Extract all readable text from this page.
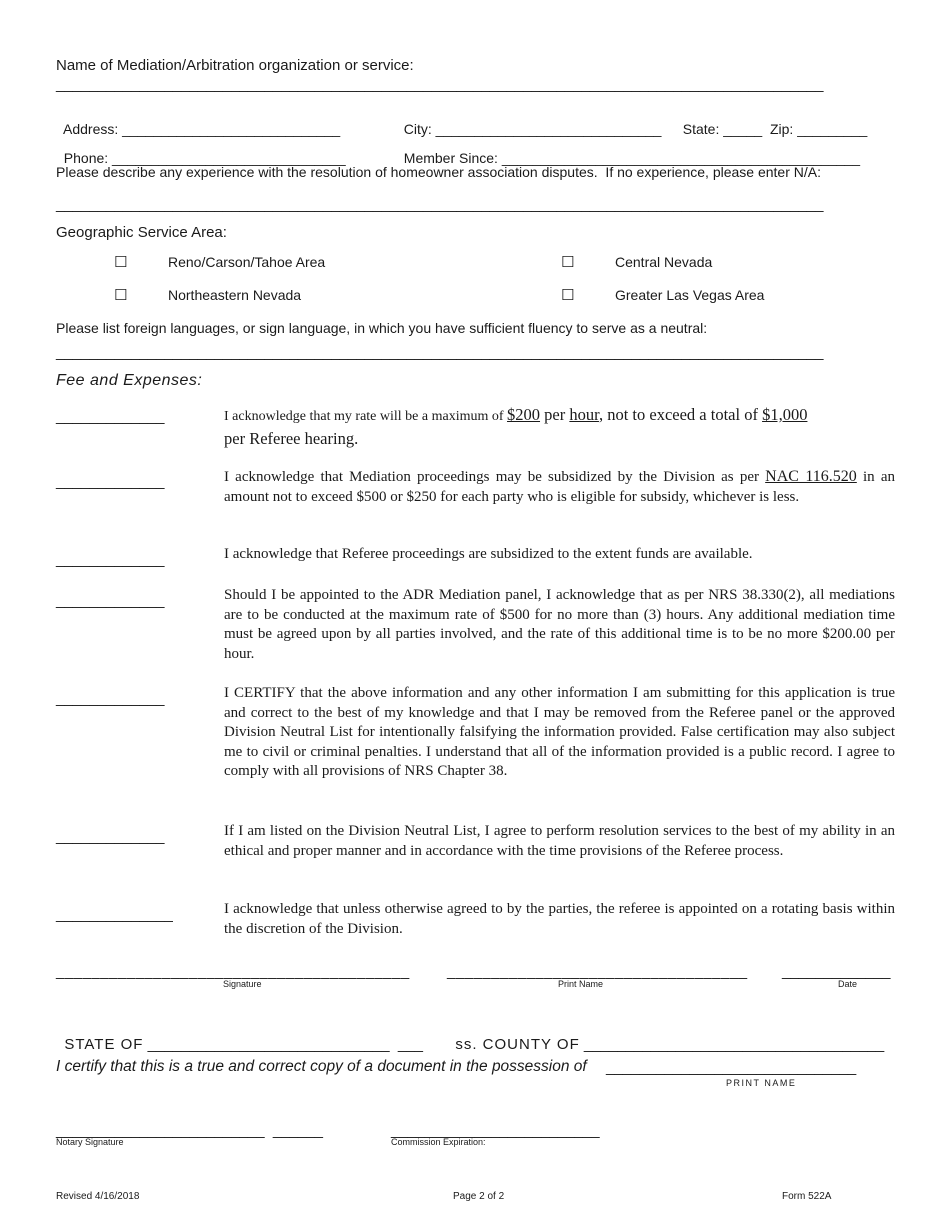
Name of Mediation/Arbitration organization or service:
____________________________________________________________________________________________

Address: ____________________________	City: _____________________________	State: _____ Zip: _________

Phone: ______________________________	Member Since: ______________________________________________

Please describe any experience with the resolution of homeowner association disputes.  If no experience, please enter N/A:
____________________________________________________________________________________________
Geographic Service Area:
☐	Reno/Carson/Tahoe Area	☐	Central Nevada
☐	Northeastern Nevada	☐	Greater Las Vegas Area
Please list foreign languages, or sign language, in which you have sufficient fluency to serve as a neutral:
____________________________________________________________________________________________
Fee and Expenses:
_____________	I acknowledge that my rate will be a maximum of $200 per hour, not to exceed a total of $1,000
per Referee hearing.
_____________	I acknowledge that Mediation proceedings may be subsidized by the Division as per NAC 116.520 in an amount not to exceed $500 or $250 for each party who is eligible for subsidy, whichever is less.
_____________	I acknowledge that Referee proceedings are subsidized to the extent funds are available.
_____________	Should I be appointed to the ADR Mediation panel, I acknowledge that as per NRS 38.330(2), all mediations are to be conducted at the maximum rate of $500 for no more than (3) hours. Any additional mediation time must be agreed upon by all parties involved, and the rate of this additional time is to be no more $200.00 per hour.
_____________	I CERTIFY that the above information and any other information I am submitting for this application is true and correct to the best of my knowledge and that I may be removed from the Referee panel or the approved Division Neutral List for intentionally falsifying the information provided. False certification may also subject me to civil or criminal penalties. I understand that all of the information provided is a public record. I agree to comply with all provisions of NRS Chapter 38.
_____________	If I am listed on the Division Neutral List, I agree to perform resolution services to the best of my ability in an ethical and proper manner and in accordance with the time provisions of the Referee process.
______________	I acknowledge that unless otherwise agreed to by the parties, the referee is appointed on a rotating basis within the discretion of the Division.
________________________________________
Signature
__________________________________
Print Name
_____________
Date

STATE OF _____________________________ ___	ss. COUNTY OF ____________________________________

I certify that this is a true and correct copy of a document in the possession of ______________________________
PRINT NAME
_________________________ ______
Notary Signature
_________________________
Commission Expiration:
Revised 4/16/2018	Page 2 of 2	Form 522A
